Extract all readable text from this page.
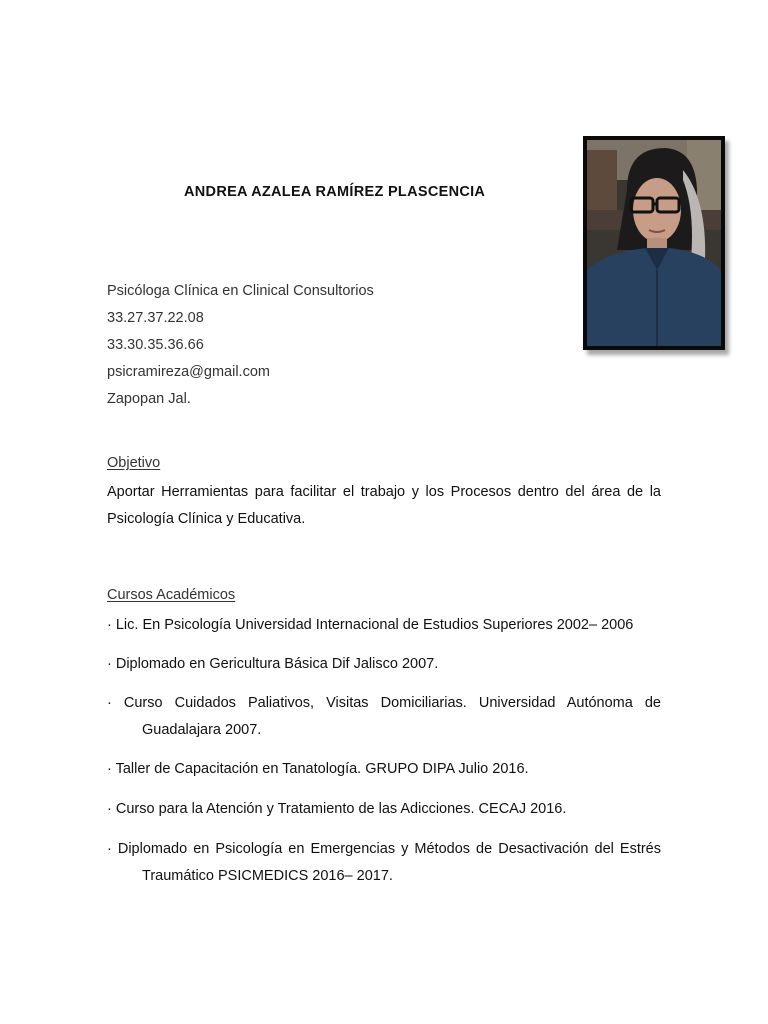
ANDREA AZALEA RAMÍREZ PLASCENCIA
Psicóloga Clínica en Clinical Consultorios
33.27.37.22.08
33.30.35.36.66
psicramireza@gmail.com
Zapopan Jal.
Objetivo
Aportar Herramientas para facilitar el trabajo y los Procesos dentro del área de la
Psicología Clínica y Educativa.
Cursos Académicos
· Lic. En Psicología Universidad Internacional de Estudios Superiores 2002– 2006
· Diplomado en Gericultura Básica Dif Jalisco 2007.
· Curso Cuidados Paliativos, Visitas Domiciliarias. Universidad Autónoma de
Guadalajara 2007.
· Taller de Capacitación en Tanatología. GRUPO DIPA Julio 2016.
· Curso para la Atención y Tratamiento de las Adicciones. CECAJ 2016.
· Diplomado en Psicología en Emergencias y Métodos de Desactivación del Estrés
Traumático PSICMEDICS 2016– 2017.
